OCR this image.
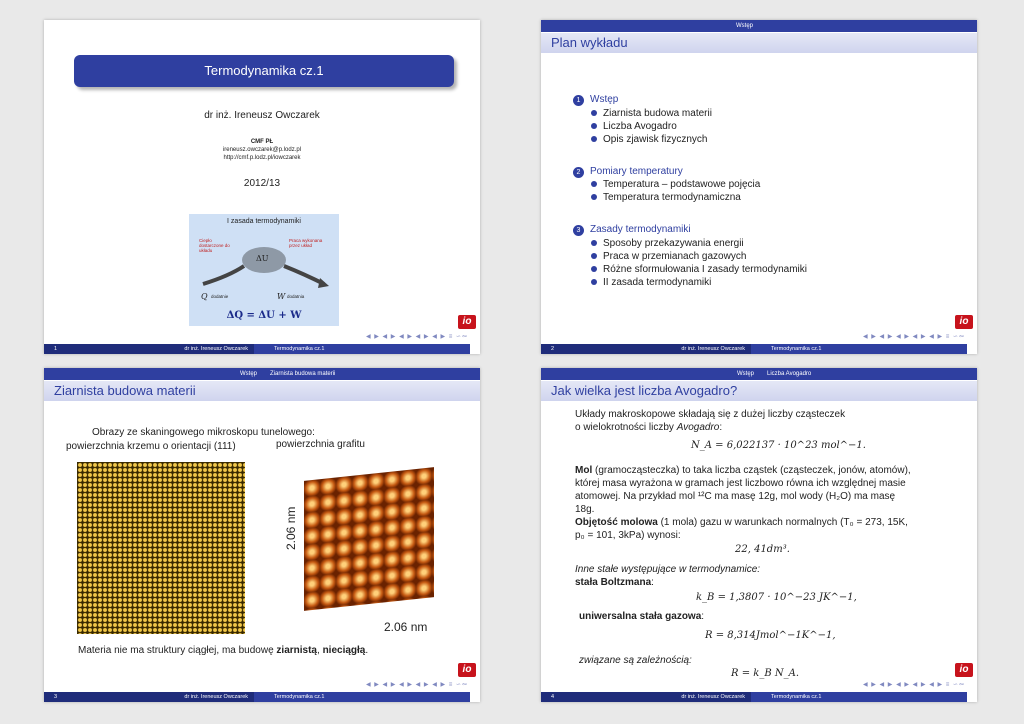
Termodynamika cz.1
dr inż. Ireneusz Owczarek
CMF PŁ
ireneusz.owczarek@p.lodz.pl
http://cmf.p.lodz.pl/iowczarek
2012/13
I zasada termodynamiki
Ciepło dostarczone do układu
Praca wykonana przez układ
ΔU
Q dodatnie	W dodatnia
ΔQ = ΔU + W
io
◀ ▶ ◀ ▶ ◀ ▶ ◀ ▶ ◀ ▶ ≡ ∽∾
1	dr inż. Ireneusz Owczarek	Termodynamika cz.1
Wstęp
Plan wykładu
1 Wstęp
Ziarnista budowa materii
Liczba Avogadro
Opis zjawisk fizycznych
2 Pomiary temperatury
Temperatura – podstawowe pojęcia
Temperatura termodynamiczna
3 Zasady termodynamiki
Sposoby przekazywania energii
Praca w przemianach gazowych
Różne sformułowania I zasady termodynamiki
II zasada termodynamiki
io
◀ ▶ ◀ ▶ ◀ ▶ ◀ ▶ ◀ ▶ ≡ ∽∾
2	dr inż. Ireneusz Owczarek	Termodynamika cz.1
Wstęp Ziarnista budowa materii
Ziarnista budowa materii
Obrazy ze skaningowego mikroskopu tunelowego:
powierzchnia krzemu o orientacji (111)	powierzchnia grafitu
2.06 nm
2.06 nm
Materia nie ma struktury ciągłej, ma budowę ziarnistą, nieciągłą.
io
◀ ▶ ◀ ▶ ◀ ▶ ◀ ▶ ◀ ▶ ≡ ∽∾
3	dr inż. Ireneusz Owczarek	Termodynamika cz.1
Wstęp Liczba Avogadro
Jak wielka jest liczba Avogadro?
Układy makroskopowe składają się z dużej liczby cząsteczek
o wielokrotności liczby Avogadro:
N_A = 6,022137 · 10^23 mol^−1.
Mol (gramocząsteczka) to taka liczba cząstek (cząsteczek, jonów, atomów),
której masa wyrażona w gramach jest liczbowo równa ich względnej masie
atomowej. Na przykład mol ¹²C ma masę 12g, mol wody (H₂O) ma masę
18g.
Objętość molowa (1 mola) gazu w warunkach normalnych (T₀ = 273, 15K,
p₀ = 101, 3kPa) wynosi:
22, 41dm³.
Inne stałe występujące w termodynamice:
stała Boltzmana:
k_B = 1,3807 · 10^−23 JK^−1,
uniwersalna stała gazowa:
R = 8,314Jmol^−1K^−1,
związane są zależnością:
R = k_B N_A.	io
◀ ▶ ◀ ▶ ◀ ▶ ◀ ▶ ◀ ▶ ≡ ∽∾
4	dr inż. Ireneusz Owczarek	Termodynamika cz.1
